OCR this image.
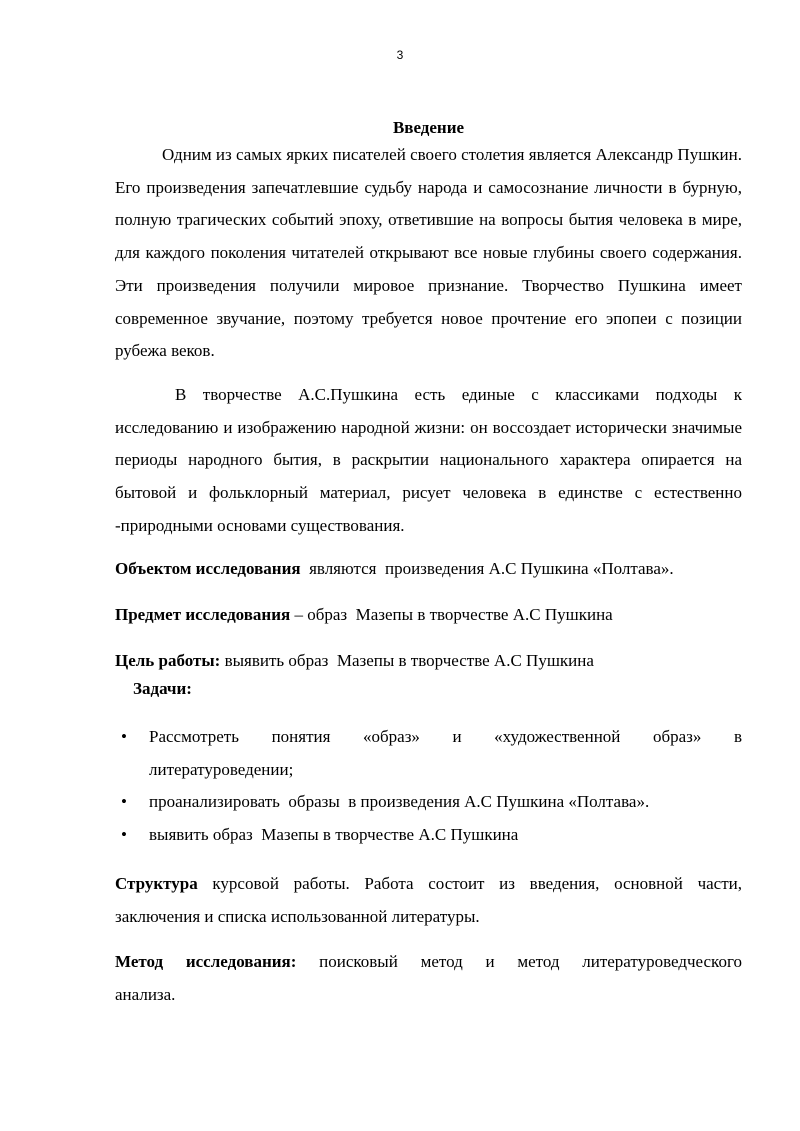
3

Введение

Одним из самых ярких писателей своего столетия является Александр Пушкин. Его произведения запечатлевшие судьбу народа и самосознание личности в бурную, полную трагических событий эпоху, ответившие на вопросы бытия человека в мире, для каждого поколения читателей открывают все новые глубины своего содержания. Эти произведения получили мировое признание. Творчество Пушкина имеет современное звучание, поэтому требуется новое прочтение его эпопеи с позиции рубежа веков.

В творчестве А.С.Пушкина есть единые с классиками подходы к исследованию и изображению народной жизни: он воссоздает исторически значимые периоды народного бытия, в раскрытии национального характера опирается на бытовой и фольклорный материал, рисует человека в единстве с естественно -природными основами существования.

Объектом исследования  являются  произведения А.С Пушкина «Полтава».

Предмет исследования – образ  Мазепы в творчестве А.С Пушкина

Цель работы: выявить образ  Мазепы в творчестве А.С Пушкина

Задачи:

• Рассмотреть понятия «образ» и «художественной образ» в
литературоведении;
• проанализировать  образы  в произведения А.С Пушкина «Полтава».
• выявить образ  Мазепы в творчестве А.С Пушкина

Структура курсовой работы. Работа состоит из введения, основной части, заключения и списка использованной литературы.

Метод исследования: поисковый метод и метод литературоведческого
анализа.
